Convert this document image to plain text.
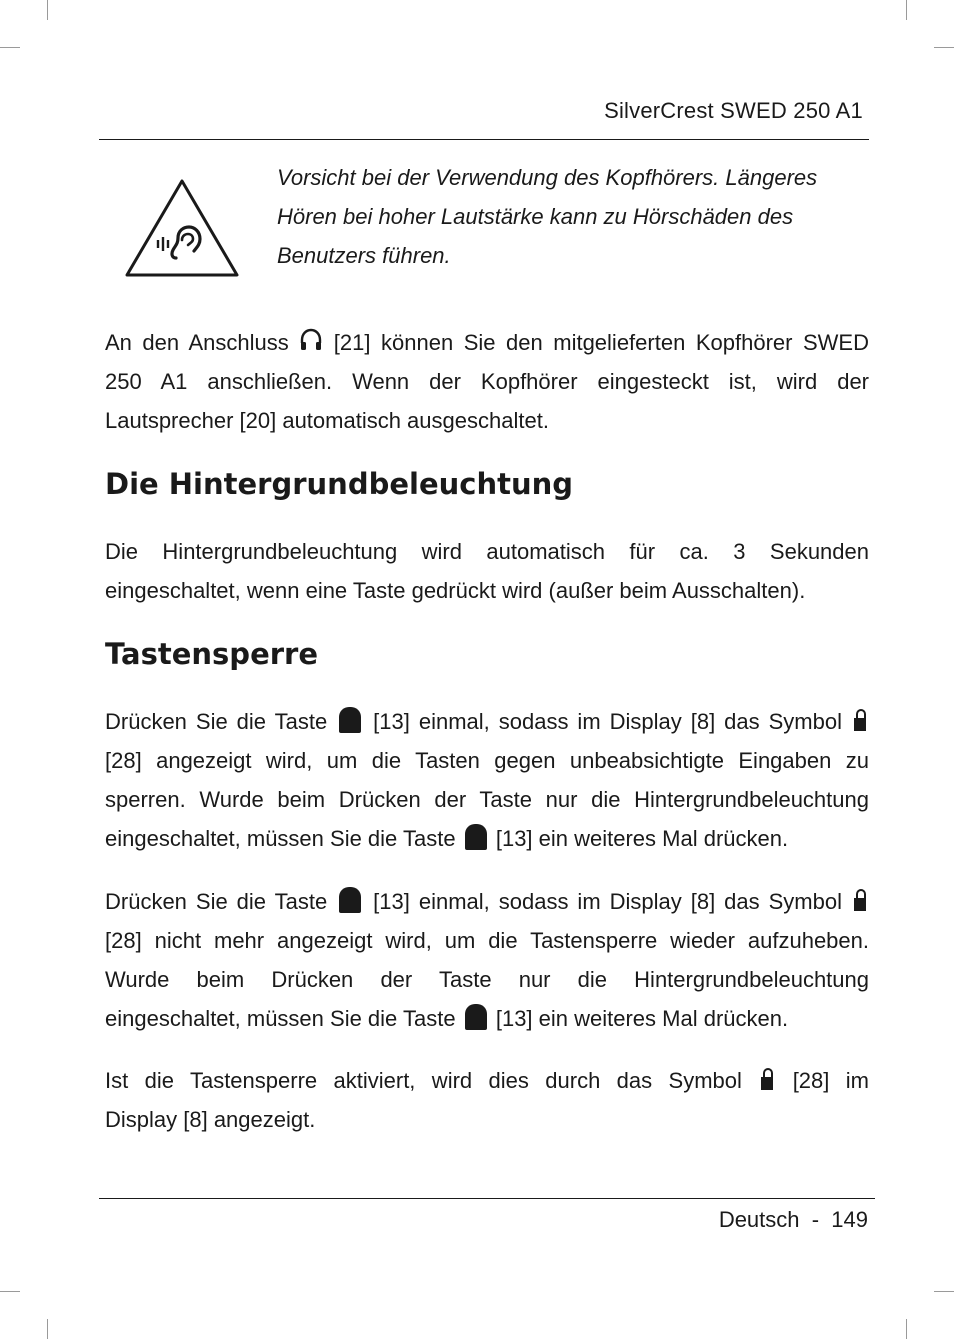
SilverCrest SWED 250 A1
Vorsicht bei der Verwendung des Kopfhörers. Längeres Hören bei hoher Lautstärke kann zu Hörschäden des Benutzers führen.
An den Anschluss [21] können Sie den mitgelieferten Kopfhörer SWED
250 A1 anschließen. Wenn der Kopfhörer eingesteckt ist, wird der
Lautsprecher [20] automatisch ausgeschaltet.
Die Hintergrundbeleuchtung
Die Hintergrundbeleuchtung wird automatisch für ca. 3 Sekunden
eingeschaltet, wenn eine Taste gedrückt wird (außer beim Ausschalten).
Tastensperre
Drücken Sie die Taste [13] einmal, sodass im Display [8] das Symbol
[28] angezeigt wird, um die Tasten gegen unbeabsichtigte Eingaben zu
sperren. Wurde beim Drücken der Taste nur die Hintergrundbeleuchtung
eingeschaltet, müssen Sie die Taste [13] ein weiteres Mal drücken.
Drücken Sie die Taste [13] einmal, sodass im Display [8] das Symbol
[28] nicht mehr angezeigt wird, um die Tastensperre wieder aufzuheben.
Wurde beim Drücken der Taste nur die Hintergrundbeleuchtung
eingeschaltet, müssen Sie die Taste [13] ein weiteres Mal drücken.
Ist die Tastensperre aktiviert, wird dies durch das Symbol [28] im
Display [8] angezeigt.
Deutsch  -  149
